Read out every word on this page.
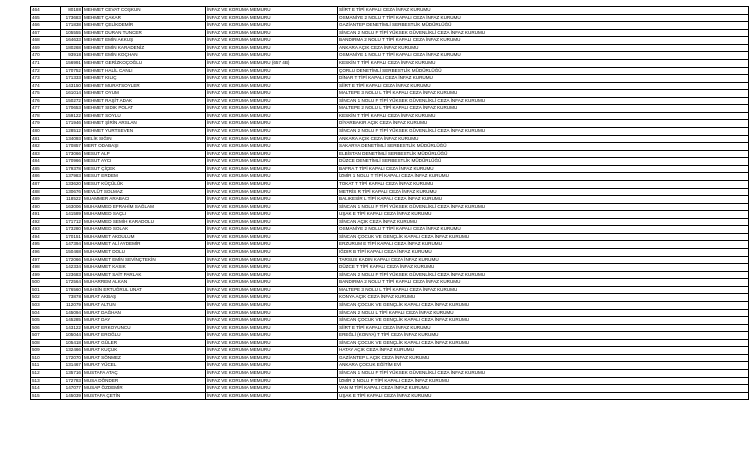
464	80188	MEHMET CEVAT COŞKUN	İNFAZ VE KORUMA MEMURU	SİİRT E TİPİ KAPALI CEZA İNFAZ KURUMU
465	173683	MEHMET ÇAKAR	İNFAZ VE KORUMA MEMURU	OSMANİYE 2 NOLU T TİPİ KAPALI CEZA İNFAZ KURUMU
466	171838	MEHMET ÇELİKDEMİR	İNFAZ VE KORUMA MEMURU	GAZİANTEP DENETİMLİ SERBESTLİK MÜDÜRLÜĞÜ
467	105555	MEHMET DURAN TUNCER	İNFAZ VE KORUMA MEMURU	SİNCAN 2 NOLU F TİPİ YÜKSEK GÜVENLİKLİ CEZA İNFAZ KURUMU
468	164633	MEHMET EMİN AKKUŞ	İNFAZ VE KORUMA MEMURU	BANDIRMA 2 NOLU T TİPİ KAPALI CEZA İNFAZ KURUMU
469	180268	MEHMET EMİN KARADENİZ	İNFAZ VE KORUMA MEMURU	ANKARA AÇIK CEZA İNFAZ KURUMU
470	93918	MEHMET EMİN KOÇHAN	İNFAZ VE KORUMA MEMURU	OSMANİYE 1 NOLU T TİPİ KAPALI CEZA İNFAZ KURUMU
471	156991	MEHMET GERİZKOÇOĞLU	İNFAZ VE KORUMA MEMURU (657 4B)	KESKİN T TİPİ KAPALI CEZA İNFAZ KURUMU
472	170752	MEHMET HALİL CANLI	İNFAZ VE KORUMA MEMURU	ÇORLU DENETİMLİ SERBESTLİK MÜDÜRLÜĞÜ
473	171333	MEHMET KILIÇ	İNFAZ VE KORUMA MEMURU	DİNAR T TİPİ KAPALI CEZA İNFAZ KURUMU
474	143150	MEHMET MURATSOYLER	İNFAZ VE KORUMA MEMURU	SİİRT E TİPİ KAPALI CEZA İNFAZ KURUMU
475	161014	MEHMET OYUM	İNFAZ VE KORUMA MEMURU	MALTEPE 3 NOLU L TİPİ KAPALI CEZA İNFAZ KURUMU
476	150272	MEHMET RAŞİT ADAK	İNFAZ VE KORUMA MEMURU	SİNCAN 1 NOLU F TİPİ YÜKSEK GÜVENLİKLİ CEZA İNFAZ KURUMU
477	170653	MEHMET SIDIK POLAT	İNFAZ VE KORUMA MEMURU	MALTEPE 2 NOLU L TİPİ KAPALI CEZA İNFAZ KURUMU
478	159122	MEHMET SOYLU	İNFAZ VE KORUMA MEMURU	KESKİN T TİPİ KAPALI CEZA İNFAZ KURUMU
479	171946	MEHMET ŞİRİN ARSLAN	İNFAZ VE KORUMA MEMURU	DİYARBAKIR AÇIK CEZA İNFAZ KURUMU
480	128512	MEHMET YURTSEVEN	İNFAZ VE KORUMA MEMURU	SİNCAN 2 NOLU F TİPİ YÜKSEK GÜVENLİKLİ CEZA İNFAZ KURUMU
481	134093	MELİK SIĞIN	İNFAZ VE KORUMA MEMURU	ANKARA AÇIK CEZA İNFAZ KURUMU
482	170857	MERT ODABAŞI	İNFAZ VE KORUMA MEMURU	SAKARYA DENETİMLİ SERBESTLİK MÜDÜRLÜĞÜ
483	173066	MESUT ALP	İNFAZ VE KORUMA MEMURU	ELBİSTAN DENETİMLİ SERBESTLİK MÜDÜRLÜĞÜ
484	170966	MESUT AYCI	İNFAZ VE KORUMA MEMURU	DÜZCE DENETİMLİ SERBESTLİK MÜDÜRLÜĞÜ
485	179378	MESUT ÇİÇEK	İNFAZ VE KORUMA MEMURU	BAFRA T TİPİ KAPALI CEZA İNFAZ KURUMU
486	137983	MESUT ERDEM	İNFAZ VE KORUMA MEMURU	İZMİR 1 NOLU T TİPİ KAPALI CEZA İNFAZ KURUMU
487	133620	MESUT KÜÇÜLÜK	İNFAZ VE KORUMA MEMURU	TOKAT T TİPİ KAPALI CEZA İNFAZ KURUMU
488	130676	MEVLÜT SOLMAZ	İNFAZ VE KORUMA MEMURU	METRİS R TİPİ KAPALI CEZA İNFAZ KURUMU
489	118522	MUAMMER ARABACI	İNFAZ VE KORUMA MEMURU	BALIKESİR L TİPİ KAPALI CEZA İNFAZ KURUMU
490	163006	MUHAMMED EFRAHİM SAĞLAM	İNFAZ VE KORUMA MEMURU	SİNCAN 1 NOLU F TİPİ YÜKSEK GÜVENLİKLİ CEZA İNFAZ KURUMU
491	141589	MUHAMMED SAÇLI	İNFAZ VE KORUMA MEMURU	UŞAK E TİPİ KAPALI CEZA İNFAZ KURUMU
492	171712	MUHAMMED SEMİH KARADOLU	İNFAZ VE KORUMA MEMURU	SİNCAN AÇIK CEZA İNFAZ KURUMU
493	173280	MUHAMMED SOLAK	İNFAZ VE KORUMA MEMURU	OSMANİYE 2 NOLU T TİPİ KAPALI CEZA İNFAZ KURUMU
494	170151	MUHAMMET AKDULUM	İNFAZ VE KORUMA MEMURU	SİNCAN ÇOCUK VE GENÇLİK KAPALI CEZA İNFAZ KURUMU
495	147394	MUHAMMET ALİ AYDEMİR	İNFAZ VE KORUMA MEMURU	ERZURUM E TİPİ KAPALI CEZA İNFAZ KURUMU
496	150468	MUHAMMET DOLU	İNFAZ VE KORUMA MEMURU	IĞDIR B TİPİ KAPALI CEZA İNFAZ KURUMU
497	172066	MUHAMMET EMİN SEVİNÇTEKİN	İNFAZ VE KORUMA MEMURU	TARSUS KADIN KAPALI CEZA İNFAZ KURUMU
498	142334	MUHAMMET KASIK	İNFAZ VE KORUMA MEMURU	DÜZCE T TİPİ KAPALI CEZA İNFAZ KURUMU
499	123683	MUHAMMET SAİT PARLAK	İNFAZ VE KORUMA MEMURU	SİNCAN 2 NOLU F TİPİ YÜKSEK GÜVENLİKLİ CEZA İNFAZ KURUMU
500	172564	MUHARREM ALKAN	İNFAZ VE KORUMA MEMURU	BANDIRMA 2 NOLU T TİPİ KAPALI CEZA İNFAZ KURUMU
501	176560	MUHSİN ERTUĞRUL UNAT	İNFAZ VE KORUMA MEMURU	MALTEPE 3 NOLU L TİPİ KAPALI CEZA İNFAZ KURUMU
502	73878	MURAT AKBAŞ	İNFAZ VE KORUMA MEMURU	KONYA AÇIK CEZA İNFAZ KURUMU
503	112079	MURAT ALTUN	İNFAZ VE KORUMA MEMURU	SİNCAN ÇOCUK VE GENÇLİK KAPALI CEZA İNFAZ KURUMU
504	145094	MURAT DAĞHAN	İNFAZ VE KORUMA MEMURU	SİNCAN 2 NOLU L TİPİ KAPALI CEZA İNFAZ KURUMU
505	145285	MURAT DAY	İNFAZ VE KORUMA MEMURU	SİNCAN ÇOCUK VE GENÇLİK KAPALI CEZA İNFAZ KURUMU
506	143122	MURAT ERKOYUNCU	İNFAZ VE KORUMA MEMURU	SİİRT E TİPİ KAPALI CEZA İNFAZ KURUMU
507	105044	MURAT EROĞLU	İNFAZ VE KORUMA MEMURU	EREĞLİ (KONYA) T TİPİ CEZA İNFAZ KURUMU
508	105418	MURAT GÜLER	İNFAZ VE KORUMA MEMURU	SİNCAN ÇOCUK VE GENÇLİK KAPALI CEZA İNFAZ KURUMU
509	132466	MURAT KUÇUK	İNFAZ VE KORUMA MEMURU	HATAY AÇIK CEZA İNFAZ KURUMU
510	172070	MURAT SÖNMEZ	İNFAZ VE KORUMA MEMURU	GAZİANTEP L AÇIK CEZA İNFAZ KURUMU
511	131467	MURAT YÜCEL	İNFAZ VE KORUMA MEMURU	ANKARA ÇOCUK EĞİTİM EVİ
512	135716	MUSTAFA ATAÇ	İNFAZ VE KORUMA MEMURU	SİNCAN 1 NOLU F TİPİ YÜKSEK GÜVENLİKLİ CEZA İNFAZ KURUMU
513	172783	MUSA DÖNDER	İNFAZ VE KORUMA MEMURU	İZMİR 2 NOLU F TİPİ KAPALI CEZA İNFAZ KURUMU
514	147077	MUSAP ÖZDEMİR	İNFAZ VE KORUMA MEMURU	VAN M TİPİ KAPALI CEZA İNFAZ KURUMU
515	145039	MUSTAFA ÇETİN	İNFAZ VE KORUMA MEMURU	UŞAK E TİPİ KAPALI CEZA İNFAZ KURUMU
